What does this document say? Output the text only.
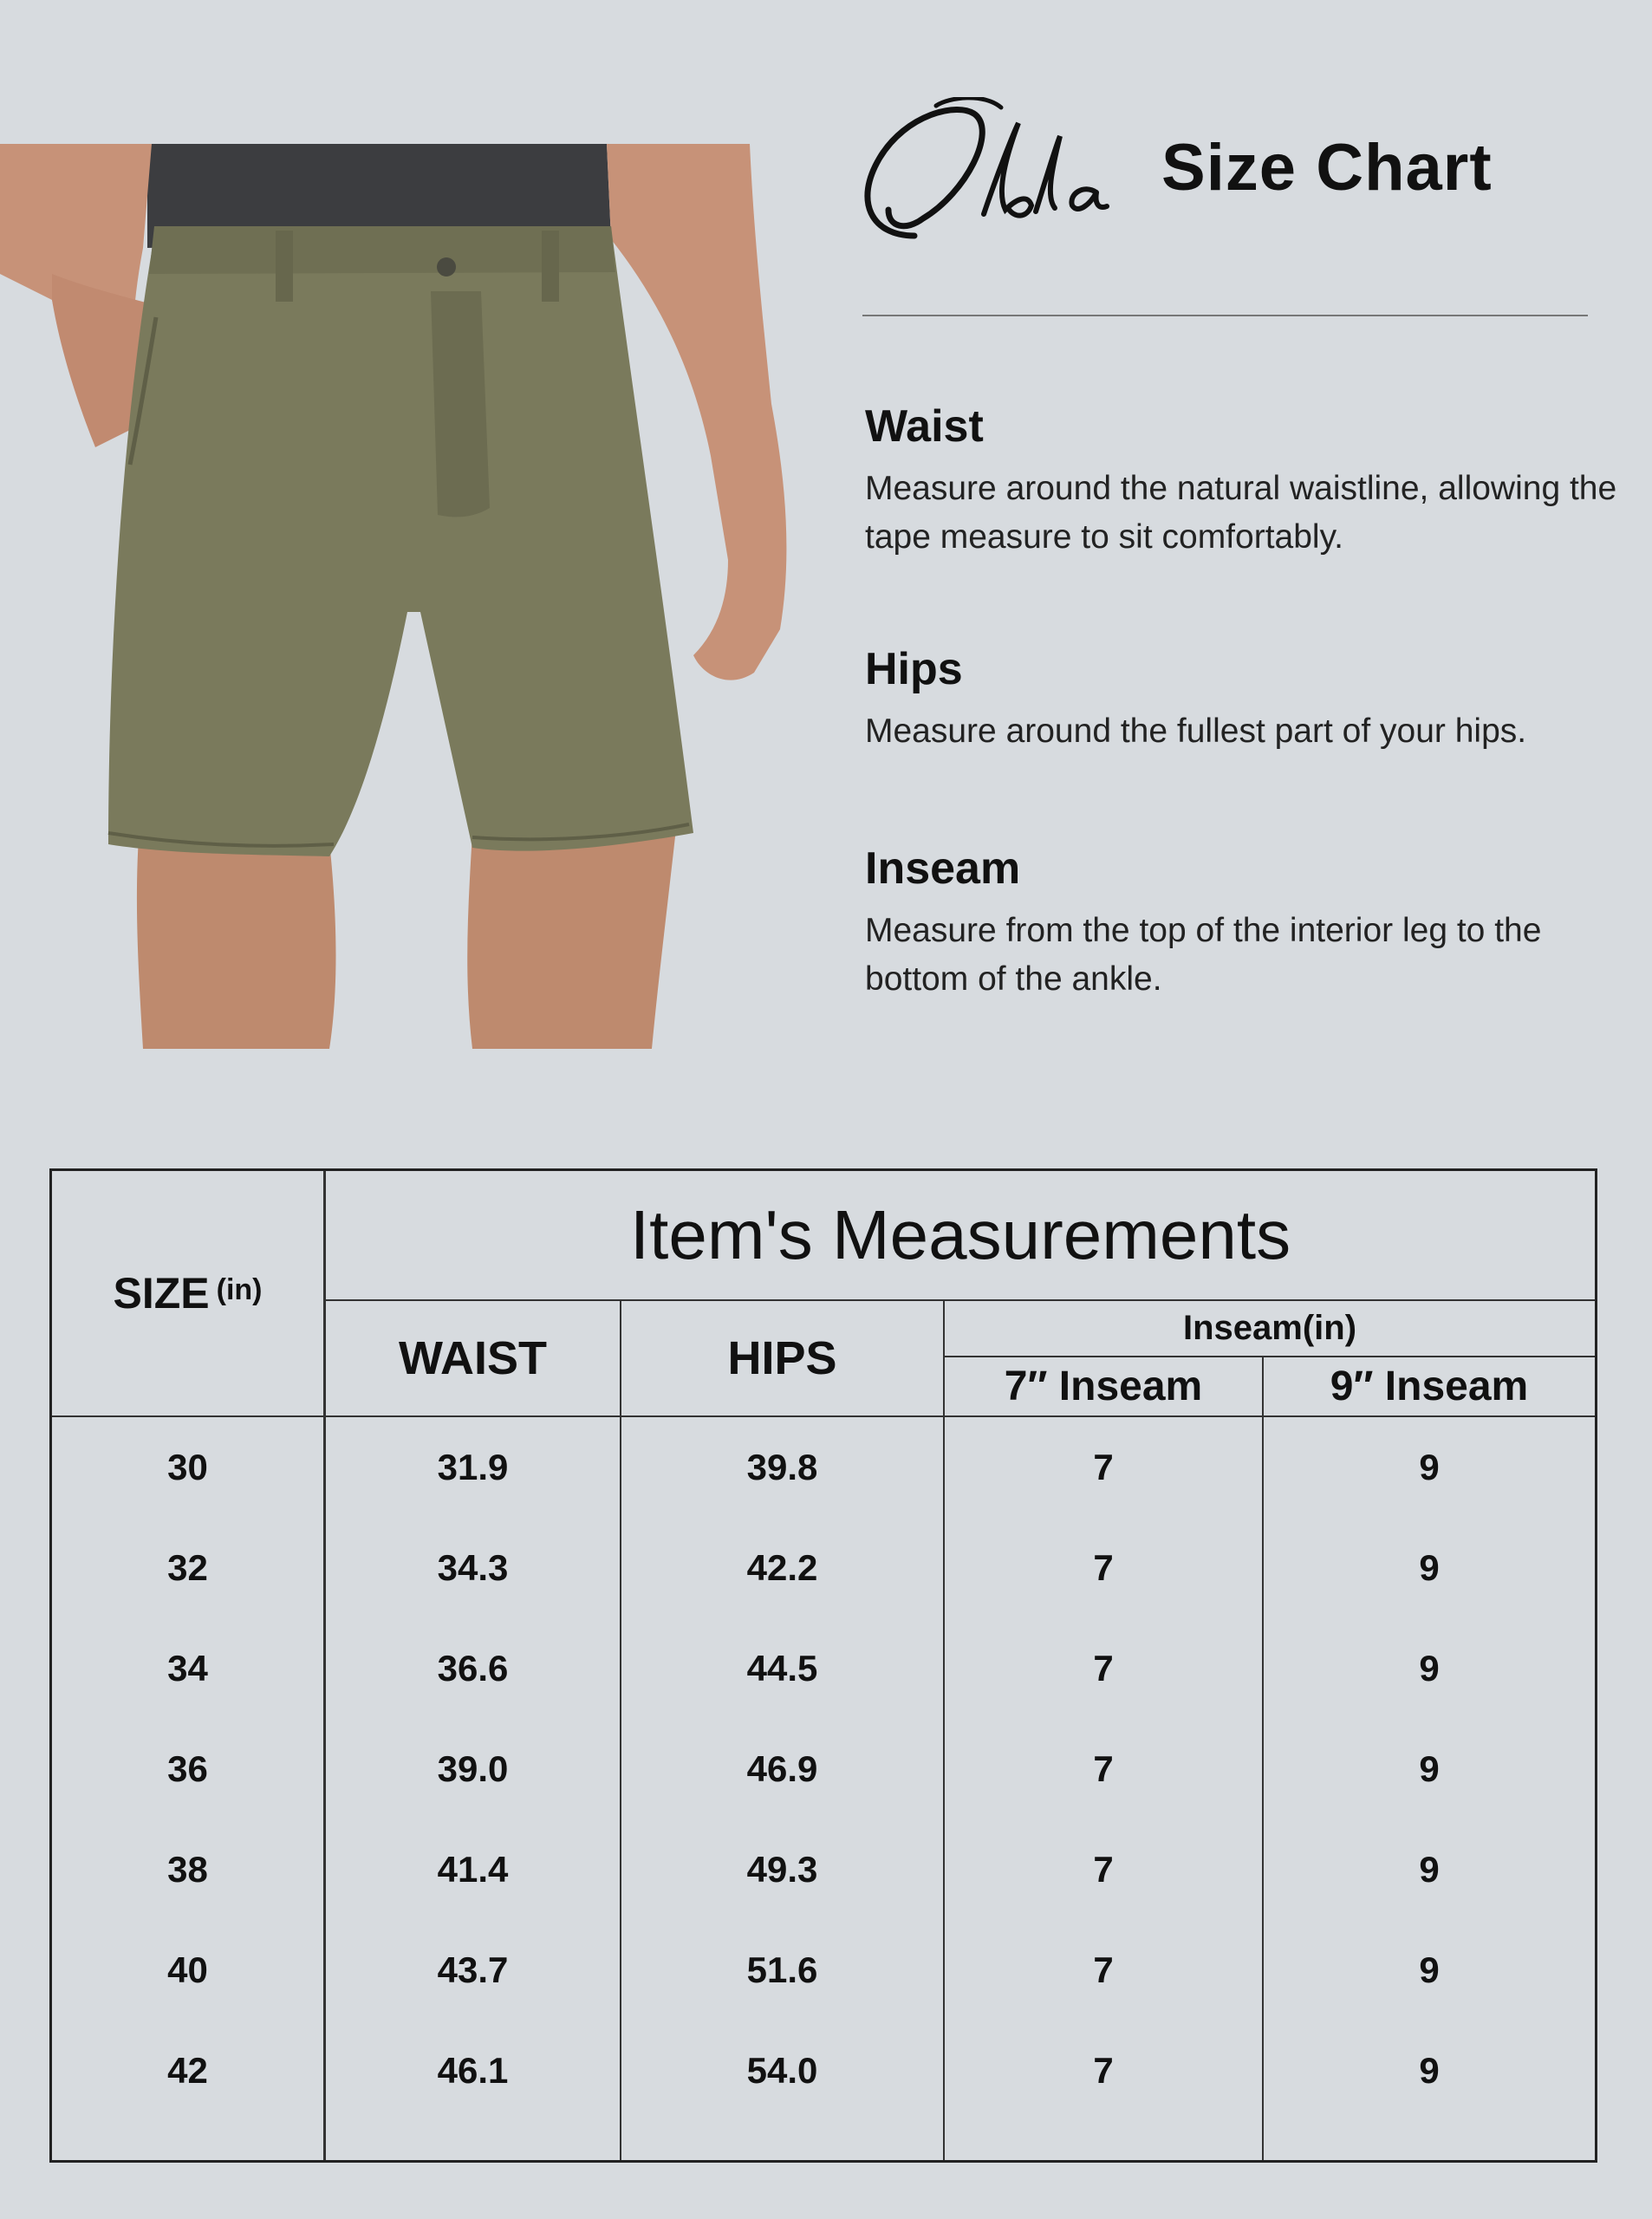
Size Chart
Waist

Measure around the natural waistline, allowing the tape measure to sit comfortably.

Hips

Measure around the fullest part of your hips.

Inseam

Measure from the top of the interior leg to the bottom of the ankle.

SIZE (in)
Item's Measurements
WAIST	HIPS
Inseam(in)
7″ Inseam	9″ Inseam
30	31.9	39.8	7	9
32	34.3	42.2	7	9
34	36.6	44.5	7	9
36	39.0	46.9	7	9
38	41.4	49.3	7	9
40	43.7	51.6	7	9
42	46.1	54.0	7	9
